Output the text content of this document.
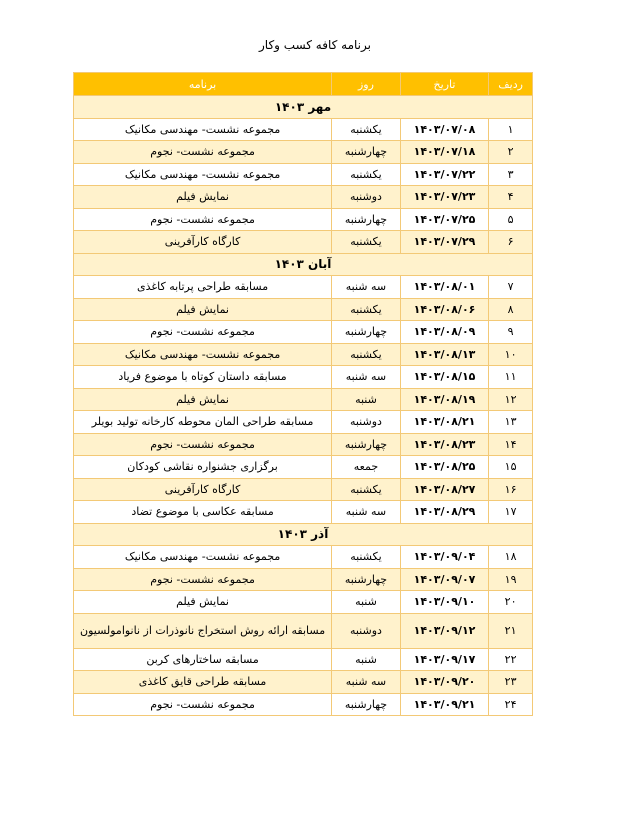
برنامه کافه کسب وکار
ردیف	تاریخ	روز	برنامه
مهر ۱۴۰۳			
۱	۱۴۰۳/۰۷/۰۸	یکشنبه	مجموعه نشست- مهندسی مکانیک
۲	۱۴۰۳/۰۷/۱۸	چهارشنبه	مجموعه نشست- نجوم
۳	۱۴۰۳/۰۷/۲۲	یکشنبه	مجموعه نشست- مهندسی مکانیک
۴	۱۴۰۳/۰۷/۲۳	دوشنبه	نمایش فیلم
۵	۱۴۰۳/۰۷/۲۵	چهارشنبه	مجموعه نشست- نجوم
۶	۱۴۰۳/۰۷/۲۹	یکشنبه	کارگاه کارآفرینی
آبان ۱۴۰۳			
۷	۱۴۰۳/۰۸/۰۱	سه شنبه	مسابقه طراحی پرتابه کاغذی
۸	۱۴۰۳/۰۸/۰۶	یکشنبه	نمایش فیلم
۹	۱۴۰۳/۰۸/۰۹	چهارشنبه	مجموعه نشست- نجوم
۱۰	۱۴۰۳/۰۸/۱۳	یکشنبه	مجموعه نشست- مهندسی مکانیک
۱۱	۱۴۰۳/۰۸/۱۵	سه شنبه	مسابقه داستان کوتاه با موضوع فریاد
۱۲	۱۴۰۳/۰۸/۱۹	شنبه	نمایش فیلم
۱۳	۱۴۰۳/۰۸/۲۱	دوشنبه	مسابقه طراحی المان محوطه کارخانه تولید بویلر
۱۴	۱۴۰۳/۰۸/۲۳	چهارشنبه	مجموعه نشست- نجوم
۱۵	۱۴۰۳/۰۸/۲۵	جمعه	برگزاری جشنواره نقاشی کودکان
۱۶	۱۴۰۳/۰۸/۲۷	یکشنبه	کارگاه کارآفرینی
۱۷	۱۴۰۳/۰۸/۲۹	سه شنبه	مسابقه عکاسی با موضوع تضاد
آذر ۱۴۰۳			
۱۸	۱۴۰۳/۰۹/۰۴	یکشنبه	مجموعه نشست- مهندسی مکانیک
۱۹	۱۴۰۳/۰۹/۰۷	چهارشنبه	مجموعه نشست- نجوم
۲۰	۱۴۰۳/۰۹/۱۰	شنبه	نمایش فیلم
۲۱	۱۴۰۳/۰۹/۱۲	دوشنبه	مسابقه ارائه روش استخراج نانوذرات از نانوامولسیون
۲۲	۱۴۰۳/۰۹/۱۷	شنبه	مسابقه ساختارهای کربن
۲۳	۱۴۰۳/۰۹/۲۰	سه شنبه	مسابقه طراحی قایق کاغذی
۲۴	۱۴۰۳/۰۹/۲۱	چهارشنبه	مجموعه نشست- نجوم
